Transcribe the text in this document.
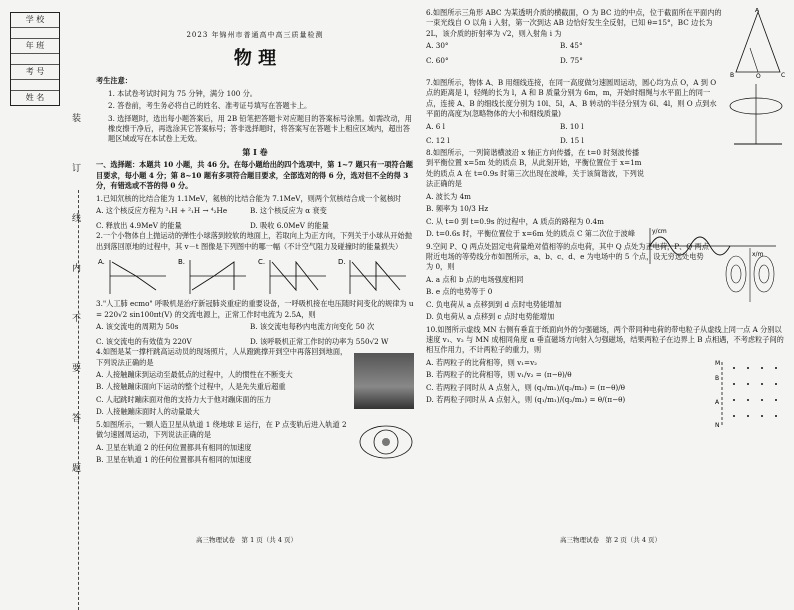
学 校
年 班
考 号
姓 名
装
订
线
内
不
要
答
题
2023 年锦州市普通高中高三质量检测
物 理

考生注意：

1. 本试卷考试时间为 75 分钟，满分 100 分。

2. 答卷前，考生务必将自己的姓名、准考证号填写在答题卡上。

3. 选择题时，选出每小题答案后，用 2B 铅笔把答题卡对应题目的答案标号涂黑。如需改动，用橡皮擦干净后，再选涂其它答案标号；答非选择题时，将答案写在答题卡上相应区域内，超出答题区域或写在本试卷上无效。

第 I 卷

一、选择题：本题共 10 小题，共 46 分。在每小题给出的四个选项中，第 1~7 题只有一项符合题目要求，每小题 4 分；第 8~10 题有多项符合题目要求，全部选对的得 6 分，选对但不全的得 3 分，有错选或不答的得 0 分。

1.已知氘核的比结合能为 1.1MeV，氦核的比结合能为 7.1MeV，则两个氘核结合成一个氦核时

A. 这个核反应方程为 ²₁H + ²₁H → ⁴₂He	B. 这个核反应为 α 衰变
C. 释放出 4.9MeV 的能量	D. 吸收 6.0MeV 的能量

2.一个小物体自上抛运动的弹性小球落到较软的地面上，若取向上为正方向，下列关于小球从开始抛出到落回原地的过程中，其 v－t 图像是下列图中的哪一幅（不计空气阻力及碰撞时的能量损失）

A.	B.	C.	D.

3."人工肺 ecmo" 呼吸机是治疗新冠肺炎重症的重要设备，一呼吸机接在电压随时间变化的规律为 u = 220√2 sin100πt(V) 的交流电源上，正常工作时电流为 2.5A，则

A. 该交流电的周期为 50s	B. 该交流电每秒内电流方向变化 50 次
C. 该交流电的有效值为 220V	D. 该呼吸机正常工作时的功率为 550√2 W

4.如图是某一撑杆跳高运动员的现场照片，人从蹬跳撑开到空中再落回到地面，下列说法正确的是

A. 人接触蹦床到运动至最低点的过程中，人的惯性在不断变大

B. 人接触蹦床面向下运动的整个过程中，人是先失重后超重

C. 人起跳时蹦床面对他的支持力大于他对蹦床面的压力

D. 人接触蹦床面时人的动量最大

5.如图所示，一颗人造卫星从轨道 1 绕地球 E 运行，在 P 点变轨后进入轨道 2 做匀速圆周运动，下列说法正确的是

A. 卫星在轨道 2 的任何位置都具有相同的加速度

B. 卫星在轨道 1 的任何位置都具有相同的加速度

6.如图所示三角形 ABC 为某透明介质的横截面，O 为 BC 边的中点，位于截面所在平面内的一束光线自 O 以角 i 入射，第一次到达 AB 边恰好发生全反射，已知 θ=15°，BC 边长为 2L，该介质的折射率为 √2，则入射角 i 为

A. 30°	B. 45°
C. 60°	D. 75°
A
B	C
O

7.如图所示，物体 A、B 用细线连接，在同一高度做匀速圆周运动，圆心均为点 O，A 到 O 点的距离是 l，轻绳的长为 l，A 和 B 质量分别为 6m，m，开始时细绳与水平面上的同一点，连接 A、B 的细线长度分别为 10l、5l，A、B 转动的半径分别为 6l、4l，则 O 点到水平面的高度为(忽略物体的大小和细线质量)

A. 6 l	B. 10 l
C. 12 l	D. 15 l

8.如图所示，一列简谐横波沿 x 轴正方向传播，在 t=0 时刻波传播到平衡位置 x=5m 处的质点 B，从此刻开始，平衡位置位于 x=1m 处的质点 A 在 t=0.9s 时第三次出现在波峰，关于该简谐波，下列说法正确的是

x/m
y/cm

A. 波长为 4m

B. 频率为 10/3 Hz

C. 从 t=0 到 t=0.9s 的过程中，A 质点的路程为 0.4m

D. t=0.6s 时，平衡位置位于 x=6m 处的质点 C 第二次位于波峰

9.空间 P、Q 两点处固定电荷量绝对值相等的点电荷，其中 Q 点处为正电荷，P、Q 两点附近电场的等势线分布如图所示，a、b、c、d、e 为电场中的 5 个点，设无穷远处电势为 0，则

A. a 点和 b 点的电场强度相同

B. e 点的电势等于 0

C. 负电荷从 a 点移到到 d 点时电势能增加

D. 负电荷从 a 点移到 c 点时电势能增加

10.如图所示虚线 MN 右侧有垂直于纸面向外的匀强磁场，两个带同种电荷的带电粒子从虚线上同一点 A 分别以速度 v₁、v₂ 与 MN 成相同角度 α 垂直磁场方向射入匀强磁场，结果两粒子在边界上 B 点相遇，不考虑粒子间的相互作用力，不计两粒子的重力，则

A. 若两粒子的比荷相等，则 v₁=v₂

B. 若两粒子的比荷相等，则 v₁/v₂ = (π−θ)/θ

C. 若两粒子同时从 A 点射入，则 (q₁/m₁)/(q₂/m₂) = (π−θ)/θ

D. 若两粒子同时从 A 点射入，则 (q₁/m₁)/(q₂/m₂) = θ/(π−θ)

M
N
A
B
高三物理试卷　第 1 页（共 4 页）	高三物理试卷　第 2 页（共 4 页）
